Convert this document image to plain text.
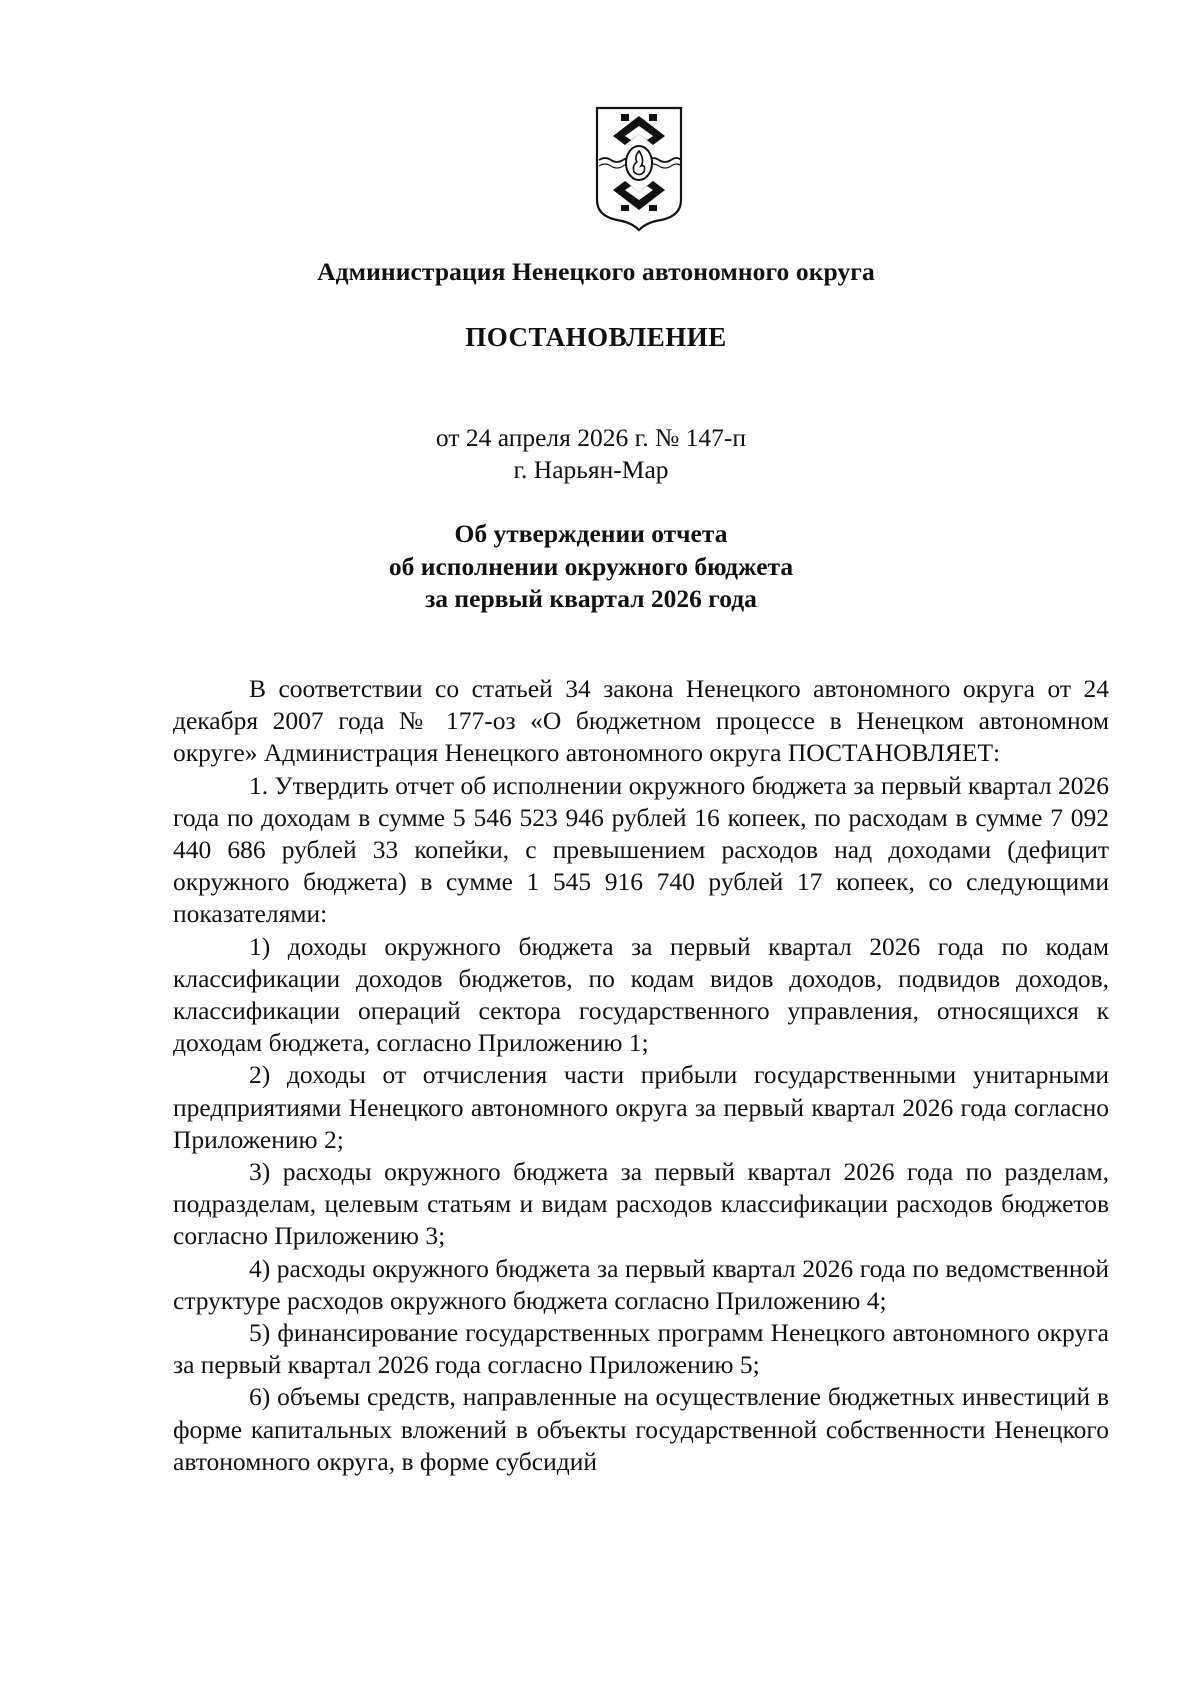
Администрация Ненецкого автономного округа
ПОСТАНОВЛЕНИЕ
от 24 апреля 2026 г. № 147-п
г. Нарьян-Мар
Об утверждении отчета
об исполнении окружного бюджета
за первый квартал 2026 года

В соответствии со статьей 34 закона Ненецкого автономного округа от 24 декабря 2007 года № 177-оз «О бюджетном процессе в Ненецком автономном округе» Администрация Ненецкого автономного округа ПОСТАНОВЛЯЕТ:

1. Утвердить отчет об исполнении окружного бюджета за первый квартал 2026 года по доходам в сумме 5 546 523 946 рублей 16 копеек, по расходам в сумме 7 092 440 686 рублей 33 копейки, с превышением расходов над доходами (дефицит окружного бюджета) в сумме 1 545 916 740 рублей 17 копеек, со следующими показателями:

1) доходы окружного бюджета за первый квартал 2026 года по кодам классификации доходов бюджетов, по кодам видов доходов, подвидов доходов, классификации операций сектора государственного управления, относящихся к доходам бюджета, согласно Приложению 1;

2) доходы от отчисления части прибыли государственными унитарными предприятиями Ненецкого автономного округа за первый квартал 2026 года согласно Приложению 2;

3) расходы окружного бюджета за первый квартал 2026 года по разделам, подразделам, целевым статьям и видам расходов классификации расходов бюджетов согласно Приложению 3;

4) расходы окружного бюджета за первый квартал 2026 года по ведомственной структуре расходов окружного бюджета согласно Приложению 4;

5) финансирование государственных программ Ненецкого автономного округа за первый квартал 2026 года согласно Приложению 5;

6) объемы средств, направленные на осуществление бюджетных инвестиций в форме капитальных вложений в объекты государственной собственности Ненецкого автономного округа, в форме субсидий
